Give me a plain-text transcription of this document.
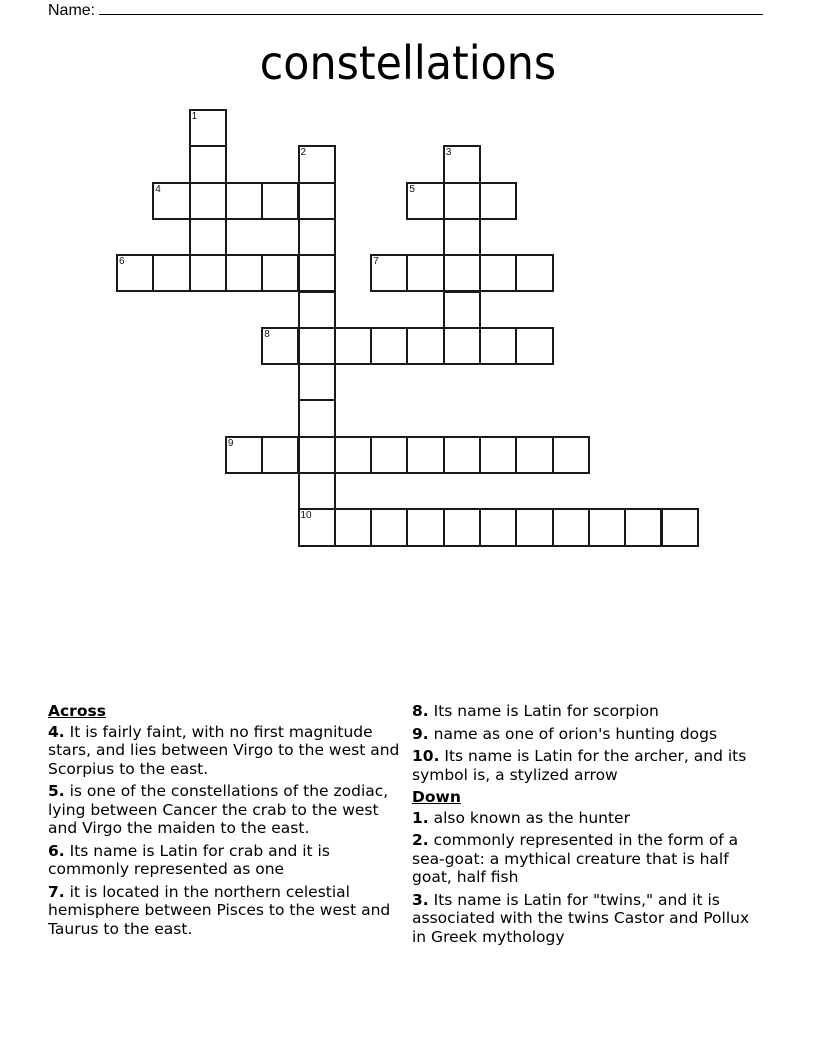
Name:
constellations
1
2
10
3
4	5
6	7
8
9
Across
4. It is fairly faint, with no first magnitude stars, and lies between Virgo to the west and Scorpius to the east.
5. is one of the constellations of the zodiac, lying between Cancer the crab to the west and Virgo the maiden to the east.
6. Its name is Latin for crab and it is commonly represented as one
7. it is located in the northern celestial hemisphere between Pisces to the west and Taurus to the east.
8. Its name is Latin for scorpion
9. name as one of orion's hunting dogs
10. Its name is Latin for the archer, and its symbol is, a stylized arrow
Down
1. also known as the hunter
2. commonly represented in the form of a sea-goat: a mythical creature that is half goat, half fish
3. Its name is Latin for "twins," and it is associated with the twins Castor and Pollux in Greek mythology
